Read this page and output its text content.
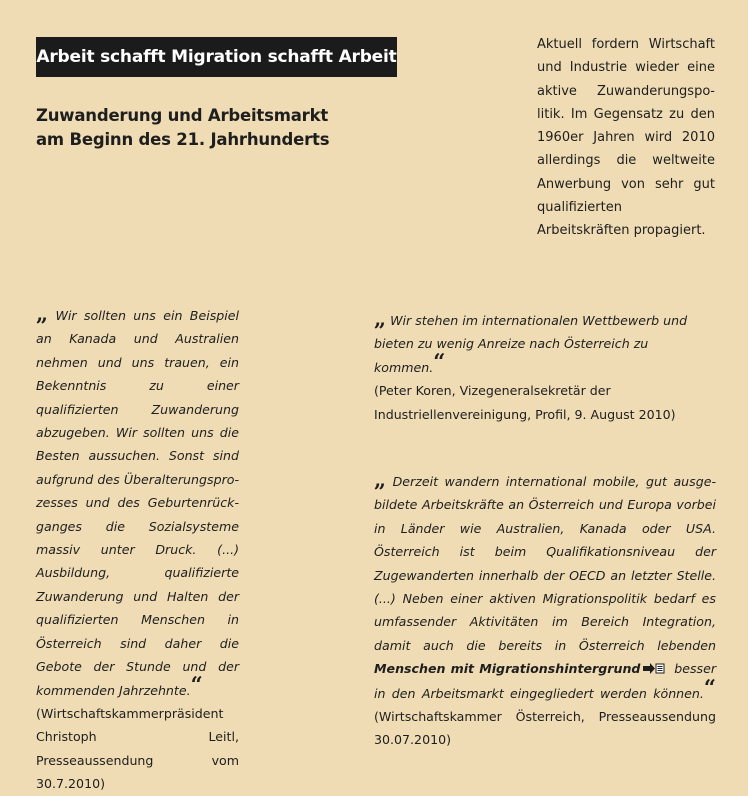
Arbeit schafft Migration schafft Arbeit
Zuwanderung und Arbeitsmarkt
am Beginn des 21. Jahrhunderts

Aktuell fordern Wirtschaft und Industrie wieder eine aktive Zuwanderungspolitik. Im Gegensatz zu den 1960er Jahren wird 2010 allerdings die weltweite Anwerbung von sehr gut qualifizierten Arbeitskräften propagiert.

„ Wir sollten uns ein Beispiel an Kanada und Australien nehmen und uns trauen, ein Bekenntnis zu einer qualifizierten Zuwanderung abzugeben. Wir sollten uns die Besten aussuchen. Sonst sind aufgrund des Überalterungsprozesses und des Geburtenrückganges die Sozialsysteme massiv unter Druck. (...) Ausbildung, qualifizierte Zuwanderung und Halten der qualifizierten Menschen in Österreich sind daher die Gebote der Stunde und der kommenden Jahrzehnte.“
(Wirtschaftskammerpräsident Christoph Leitl, Presseaussendung vom 30.7.2010)

„ Wir stehen im internationalen Wettbewerb und bieten zu wenig Anreize nach Österreich zu kommen.“
(Peter Koren, Vizegeneralsekretär der Industriellenvereinigung, Profil, 9. August 2010)

„ Derzeit wandern international mobile, gut ausgebildete Arbeitskräfte an Österreich und Europa vorbei in Länder wie Australien, Kanada oder USA. Österreich ist beim Qualifikationsniveau der Zugewanderten innerhalb der OECD an letzter Stelle. (...) Neben einer aktiven Migrationspolitik bedarf es umfassender Aktivitäten im Bereich Integration, damit auch die bereits in Österreich lebenden Menschen mit Migrationshintergrund	besser in den Arbeitsmarkt eingegliedert werden können.“ (Wirtschaftskammer Österreich, Presseaussendung 30.07.2010)
